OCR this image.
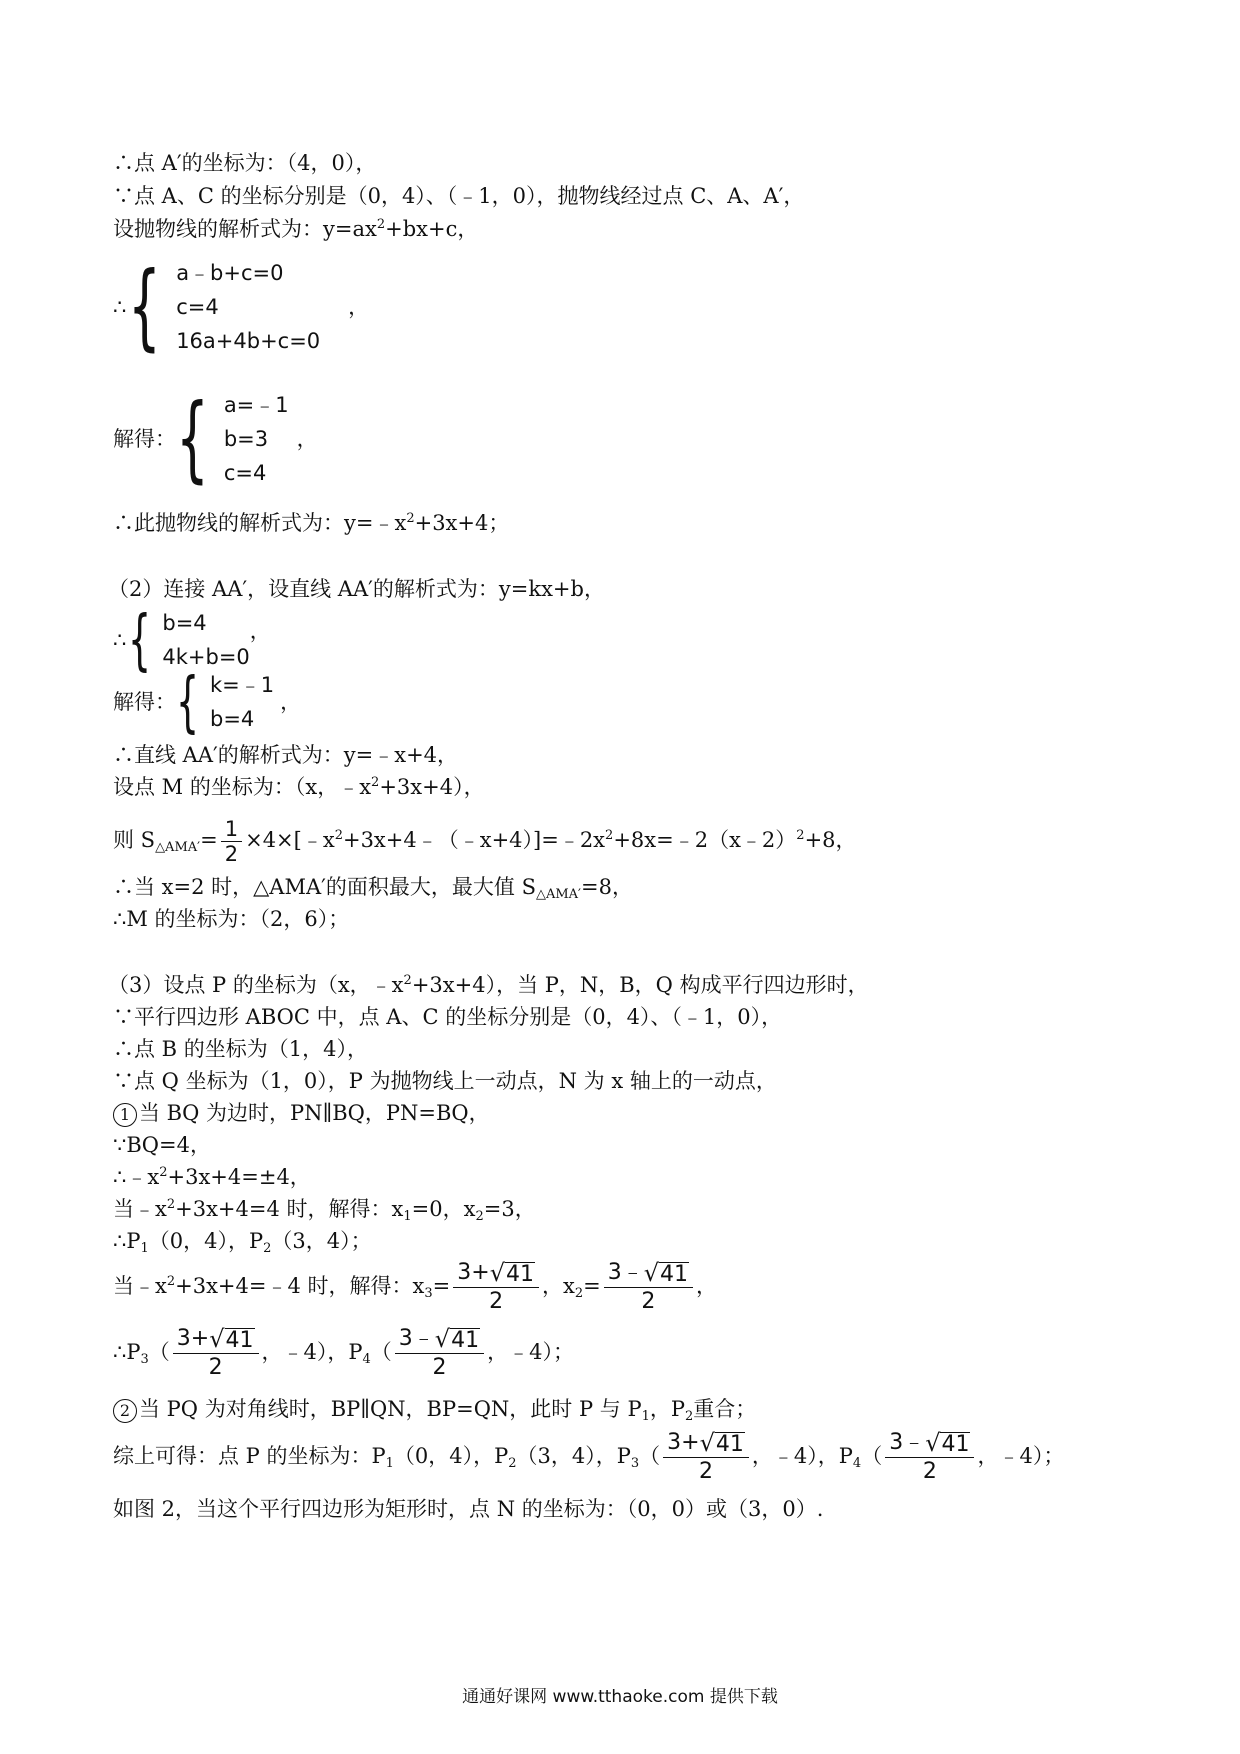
∴点 A′的坐标为：（4，0），
∵点 A、C 的坐标分别是（0，4）、（﹣1，0），抛物线经过点 C、A、A′，
设抛物线的解析式为：$y=ax^2+bx+c$，
∴ { a﹣b+c=0
c=4
16a+4b+c=0
，
解得： { a=﹣1
b=3
c=4
，
∴此抛物线的解析式为：$y=﹣x^2+3x+4$；
（2）连接 AA′，设直线 AA′的解析式为：y=kx+b，
∴ { b=4
4k+b=0
，
解得： { k=﹣1
b=4
，
∴直线 AA′的解析式为：y=﹣x+4，
设点 M 的坐标为：（x，$﹣x^2+3x+4$），
则 $S_{\triangle AMA'}= \frac{1}{2}$ $\times 4\times[﹣x^2+3x+4﹣(﹣x+4)]=﹣2x^2+8x=﹣2(x﹣2)^2+8$，
∴当 x=2 时，△AMA′的面积最大，最大值 $S_{\triangle AMA'}=8$，
∴M 的坐标为：（2，6）；
（3）设点 P 的坐标为（x，$﹣x^2+3x+4$），当 P，N，B，Q 构成平行四边形时，
∵平行四边形 ABOC 中，点 A、C 的坐标分别是（0，4）、（﹣1，0），
∴点 B 的坐标为（1，4），
∵点 Q 坐标为（1，0），P 为抛物线上一动点，N 为 x 轴上的一动点，
1 当 BQ 为边时，PN∥BQ，PN=BQ，
∵BQ=4，
$\therefore﹣x^2+3x+4=\pm 4$，
当$﹣x^2+3x+4=4$ 时，解得：$x_1=0$，$x_2=3$，
$\therefore P_1(0$，4），$P_2(3$，4）；
当$﹣x^2+3x+4=﹣4$ 时，解得：$x_3= \frac{3+ √ 41}{2}$ ，$x_2= \frac{3﹣ √ 41}{2}$ ，
$\therefore P_3( \frac{3+ √ 41}{2}$ ，﹣4），$P_4( \frac{3﹣ √ 41}{2}$ ，﹣4）；
2 当 PQ 为对角线时，BP∥QN，BP=QN，此时 P 与 $P_1$，$P_2$重合；
综上可得：点 P 的坐标为：$P_1(0$，4），$P_2(3$，4），$P_3( \frac{3+ √ 41}{2}$ ，﹣4），$P_4( \frac{3﹣ √ 41}{2}$ ，﹣4）；
如图 2，当这个平行四边形为矩形时，点 N 的坐标为：（0，0）或（3，0）.
通通好课网 www.tthaoke.com 提供下载
